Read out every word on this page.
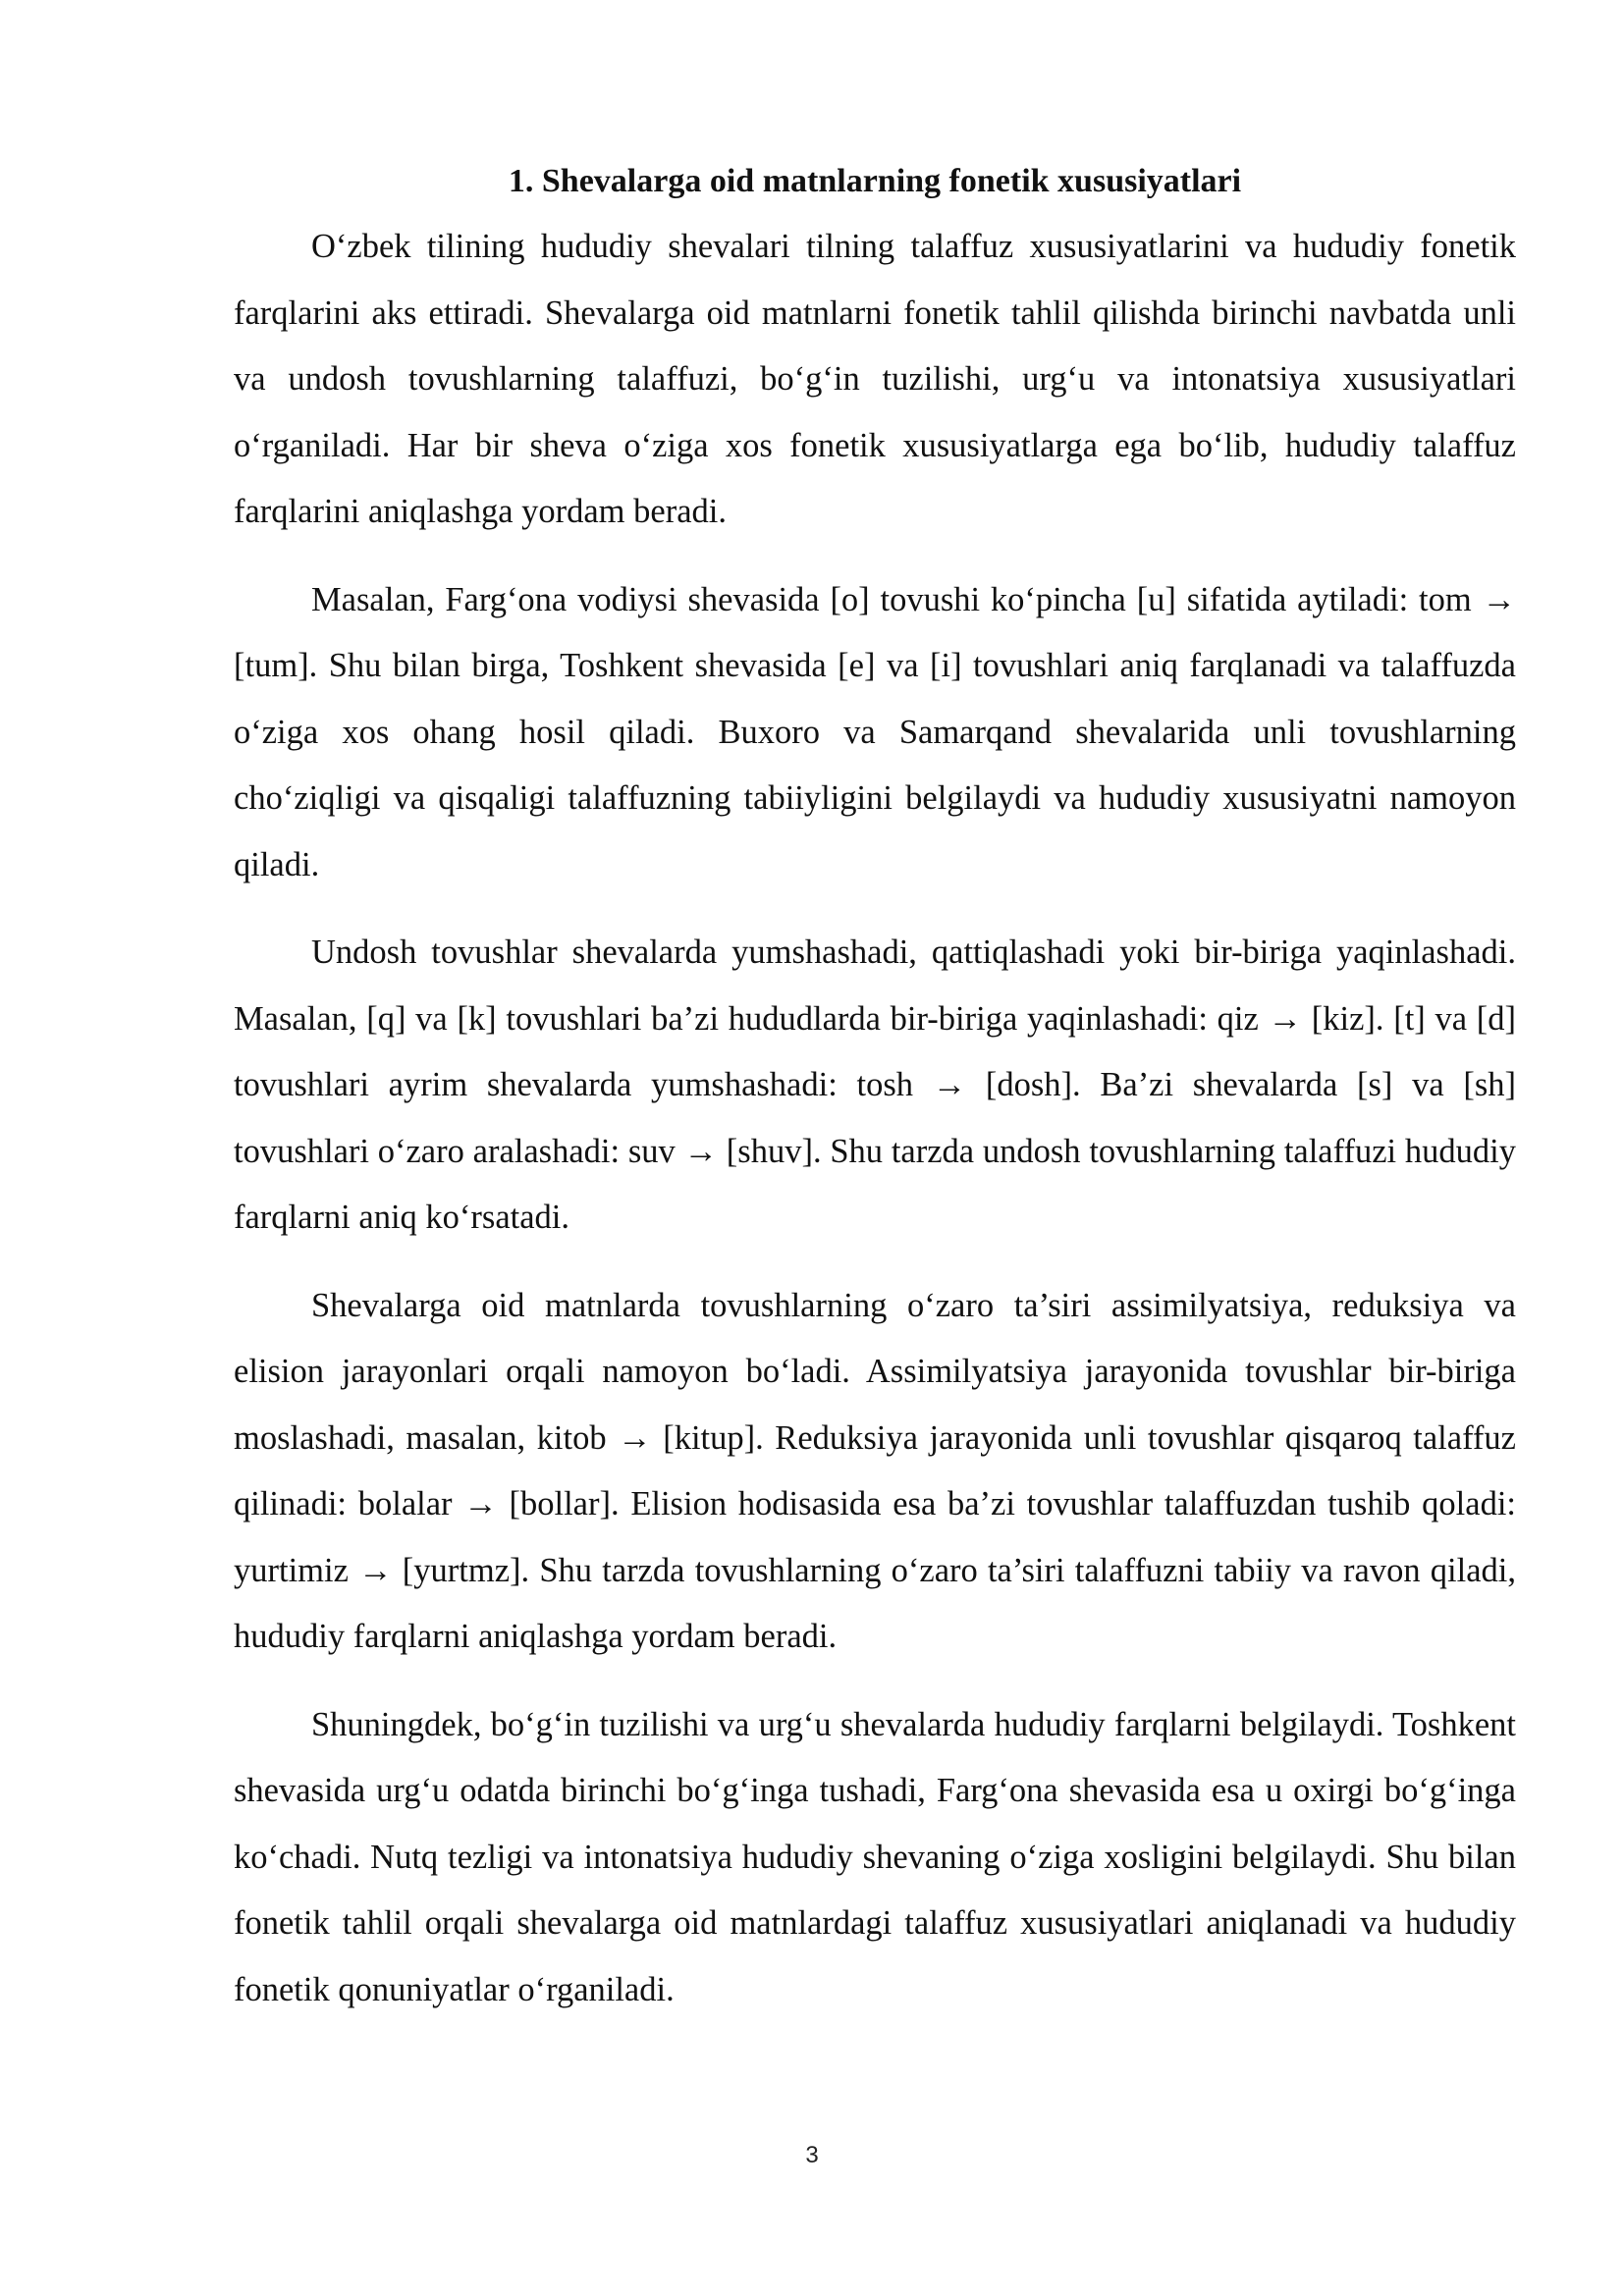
1. Shevalarga oid matnlarning fonetik xususiyatlari

O‘zbek tilining hududiy shevalari tilning talaffuz xususiyatlarini va hududiy fonetik farqlarini aks ettiradi. Shevalarga oid matnlarni fonetik tahlil qilishda birinchi navbatda unli va undosh tovushlarning talaffuzi, bo‘g‘in tuzilishi, urg‘u va intonatsiya xususiyatlari o‘rganiladi. Har bir sheva o‘ziga xos fonetik xususiyatlarga ega bo‘lib, hududiy talaffuz farqlarini aniqlashga yordam beradi.

Masalan, Farg‘ona vodiysi shevasida [o] tovushi ko‘pincha [u] sifatida aytiladi: tom → [tum]. Shu bilan birga, Toshkent shevasida [e] va [i] tovushlari aniq farqlanadi va talaffuzda o‘ziga xos ohang hosil qiladi. Buxoro va Samarqand shevalarida unli tovushlarning cho‘ziqligi va qisqaligi talaffuzning tabiiyligini belgilaydi va hududiy xususiyatni namoyon qiladi.

Undosh tovushlar shevalarda yumshashadi, qattiqlashadi yoki bir-biriga yaqinlashadi. Masalan, [q] va [k] tovushlari ba’zi hududlarda bir-biriga yaqinlashadi: qiz → [kiz]. [t] va [d] tovushlari ayrim shevalarda yumshashadi: tosh → [dosh]. Ba’zi shevalarda [s] va [sh] tovushlari o‘zaro aralashadi: suv → [shuv]. Shu tarzda undosh tovushlarning talaffuzi hududiy farqlarni aniq ko‘rsatadi.

Shevalarga oid matnlarda tovushlarning o‘zaro ta’siri assimilyatsiya, reduksiya va elision jarayonlari orqali namoyon bo‘ladi. Assimilyatsiya jarayonida tovushlar bir-biriga moslashadi, masalan, kitob → [kitup]. Reduksiya jarayonida unli tovushlar qisqaroq talaffuz qilinadi: bolalar → [bollar]. Elision hodisasida esa ba’zi tovushlar talaffuzdan tushib qoladi: yurtimiz → [yurtmz]. Shu tarzda tovushlarning o‘zaro ta’siri talaffuzni tabiiy va ravon qiladi, hududiy farqlarni aniqlashga yordam beradi.

Shuningdek, bo‘g‘in tuzilishi va urg‘u shevalarda hududiy farqlarni belgilaydi. Toshkent shevasida urg‘u odatda birinchi bo‘g‘inga tushadi, Farg‘ona shevasida esa u oxirgi bo‘g‘inga ko‘chadi. Nutq tezligi va intonatsiya hududiy shevaning o‘ziga xosligini belgilaydi. Shu bilan fonetik tahlil orqali shevalarga oid matnlardagi talaffuz xususiyatlari aniqlanadi va hududiy fonetik qonuniyatlar o‘rganiladi.

3
